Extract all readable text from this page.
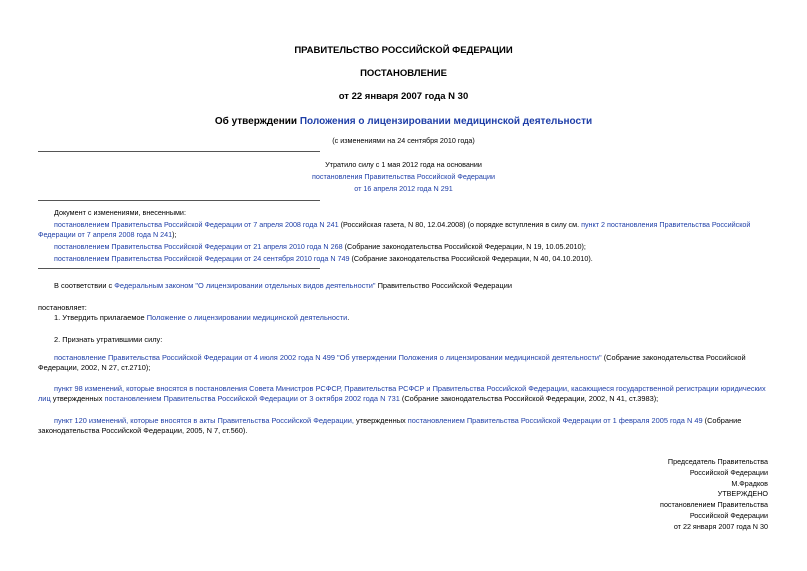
ПРАВИТЕЛЬСТВО РОССИЙСКОЙ ФЕДЕРАЦИИ
ПОСТАНОВЛЕНИЕ
от 22 января 2007 года N 30
Об утверждении Положения о лицензировании медицинской деятельности
(с изменениями на 24 сентября 2010 года)
Утратило силу с 1 мая 2012 года на основании
постановления Правительства Российской Федерации
от 16 апреля 2012 года N 291
Документ с изменениями, внесенными:
постановлением Правительства Российской Федерации от 7 апреля 2008 года N 241 (Российская газета, N 80, 12.04.2008) (о порядке вступления в силу см. пункт 2 постановления Правительства Российской Федерации от 7 апреля 2008 года N 241);
постановлением Правительства Российской Федерации от 21 апреля 2010 года N 268 (Собрание законодательства Российской Федерации, N 19, 10.05.2010);
постановлением Правительства Российской Федерации от 24 сентября 2010 года N 749 (Собрание законодательства Российской Федерации, N 40, 04.10.2010).
В соответствии с Федеральным законом "О лицензировании отдельных видов деятельности" Правительство Российской Федерации
постановляет:
1. Утвердить прилагаемое Положение о лицензировании медицинской деятельности.
2. Признать утратившими силу:
постановление Правительства Российской Федерации от 4 июля 2002 года N 499 "Об утверждении Положения о лицензировании медицинской деятельности" (Собрание законодательства Российской Федерации, 2002, N 27, ст.2710);
пункт 98 изменений, которые вносятся в постановления Совета Министров РСФСР, Правительства РСФСР и Правительства Российской Федерации, касающиеся государственной регистрации юридических лиц утвержденных постановлением Правительства Российской Федерации от 3 октября 2002 года N 731 (Собрание законодательства Российской Федерации, 2002, N 41, ст.3983);
пункт 120 изменений, которые вносятся в акты Правительства Российской Федерации, утвержденных постановлением Правительства Российской Федерации от 1 февраля 2005 года N 49 (Собрание законодательства Российской Федерации, 2005, N 7, ст.560).
Председатель Правительства
Российской Федерации
М.Фрадков
УТВЕРЖДЕНО
постановлением Правительства
Российской Федерации
от 22 января 2007 года N 30
